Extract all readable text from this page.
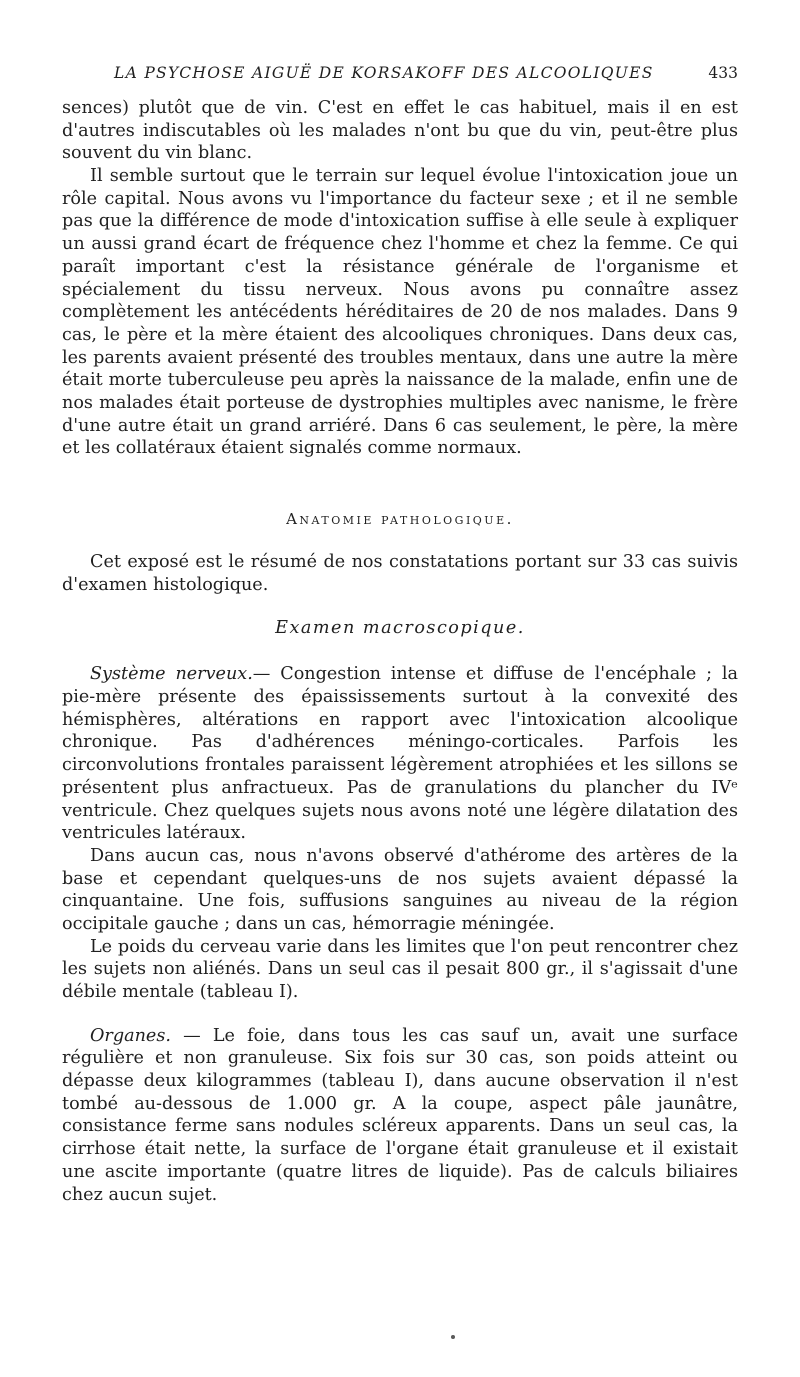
LA PSYCHOSE AIGUË DE KORSAKOFF DES ALCOOLIQUES	433

sences) plutôt que de vin. C'est en effet le cas habituel, mais il en est d'autres indiscutables où les malades n'ont bu que du vin, peut-être plus souvent du vin blanc.

Il semble surtout que le terrain sur lequel évolue l'intoxication joue un rôle capital. Nous avons vu l'importance du facteur sexe ; et il ne semble pas que la différence de mode d'intoxication suffise à elle seule à expliquer un aussi grand écart de fréquence chez l'homme et chez la femme. Ce qui paraît important c'est la résistance générale de l'organisme et spécialement du tissu nerveux. Nous avons pu connaître assez complètement les antécédents héréditaires de 20 de nos malades. Dans 9 cas, le père et la mère étaient des alcooliques chroniques. Dans deux cas, les parents avaient présenté des troubles mentaux, dans une autre la mère était morte tuberculeuse peu après la naissance de la malade, enfin une de nos malades était porteuse de dystrophies multiples avec nanisme, le frère d'une autre était un grand arriéré. Dans 6 cas seulement, le père, la mère et les collatéraux étaient signalés comme normaux.

Anatomie pathologique.

Cet exposé est le résumé de nos constatations portant sur 33 cas suivis d'examen histologique.

Examen macroscopique.

Système nerveux.— Congestion intense et diffuse de l'encéphale ; la pie-mère présente des épaississements surtout à la convexité des hémisphères, altérations en rapport avec l'intoxication alcoolique chronique. Pas d'adhérences méningo-corticales. Parfois les circonvolutions frontales paraissent légèrement atrophiées et les sillons se présentent plus anfractueux. Pas de granulations du plancher du IVᵉ ventricule. Chez quelques sujets nous avons noté une légère dilatation des ventricules latéraux.

Dans aucun cas, nous n'avons observé d'athérome des artères de la base et cependant quelques-uns de nos sujets avaient dépassé la cinquantaine. Une fois, suffusions sanguines au niveau de la région occipitale gauche ; dans un cas, hémorragie méningée.

Le poids du cerveau varie dans les limites que l'on peut rencontrer chez les sujets non aliénés. Dans un seul cas il pesait 800 gr., il s'agissait d'une débile mentale (tableau I).

Organes. — Le foie, dans tous les cas sauf un, avait une surface régulière et non granuleuse. Six fois sur 30 cas, son poids atteint ou dépasse deux kilogrammes (tableau I), dans aucune observation il n'est tombé au-dessous de 1.000 gr. A la coupe, aspect pâle jaunâtre, consistance ferme sans nodules scléreux apparents. Dans un seul cas, la cirrhose était nette, la surface de l'organe était granuleuse et il existait une ascite importante (quatre litres de liquide). Pas de calculs biliaires chez aucun sujet.
